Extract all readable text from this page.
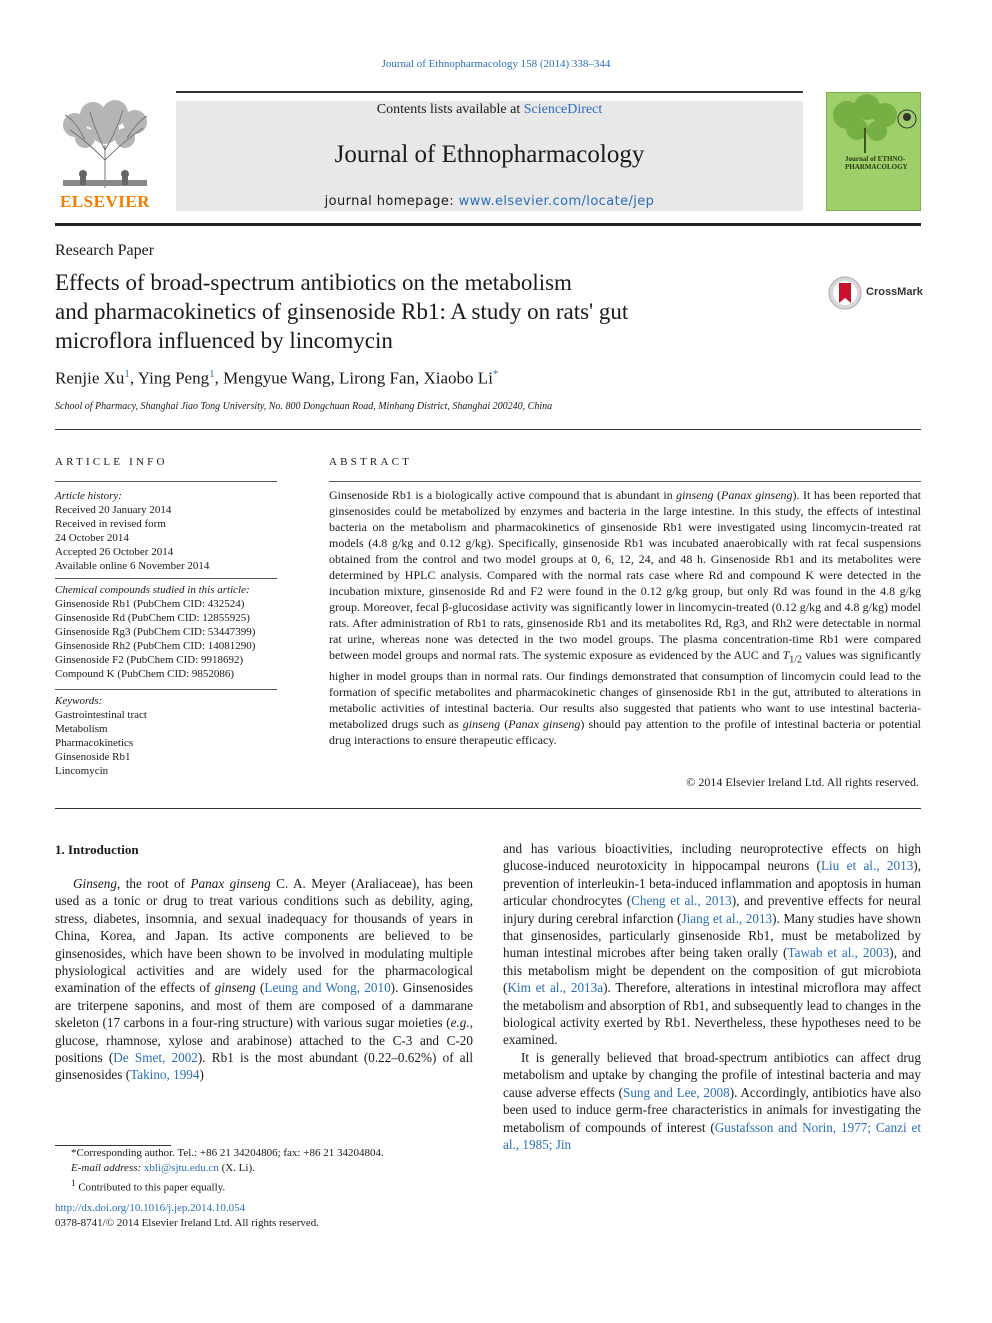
Journal of Ethnopharmacology 158 (2014) 338–344
ELSEVIER
Contents lists available at ScienceDirect
Journal of Ethnopharmacology
journal homepage: www.elsevier.com/locate/jep
Journal of ETHNO-PHARMACOLOGY
Research Paper
Effects of broad-spectrum antibiotics on the metabolism
and pharmacokinetics of ginsenoside Rb1: A study on rats' gut
microflora influenced by lincomycin
CrossMark
Renjie Xu$^1$, Ying Peng$^1$, Mengyue Wang, Lirong Fan, Xiaobo Li*
School of Pharmacy, Shanghai Jiao Tong University, No. 800 Dongchuan Road, Minhang District, Shanghai 200240, China
ARTICLE INFO	ABSTRACT
Article history:
Received 20 January 2014
Received in revised form
24 October 2014
Accepted 26 October 2014
Available online 6 November 2014
Chemical compounds studied in this article:
Ginsenoside Rb1 (PubChem CID: 432524)
Ginsenoside Rd (PubChem CID: 12855925)
Ginsenoside Rg3 (PubChem CID: 53447399)
Ginsenoside Rh2 (PubChem CID: 14081290)
Ginsenoside F2 (PubChem CID: 9918692)
Compound K (PubChem CID: 9852086)
Keywords:
Gastrointestinal tract
Metabolism
Pharmacokinetics
Ginsenoside Rb1
Lincomycin
Ginsenoside Rb1 is a biologically active compound that is abundant in ginseng (Panax ginseng). It has been reported that ginsenosides could be metabolized by enzymes and bacteria in the large intestine. In this study, the effects of intestinal bacteria on the metabolism and pharmacokinetics of ginsenoside Rb1 were investigated using lincomycin-treated rat models (4.8 g/kg and 0.12 g/kg). Specifically, ginsenoside Rb1 was incubated anaerobically with rat fecal suspensions obtained from the control and two model groups at 0, 6, 12, 24, and 48 h. Ginsenoside Rb1 and its metabolites were determined by HPLC analysis. Compared with the normal rats case where Rd and compound K were detected in the incubation mixture, ginsenoside Rd and F2 were found in the 0.12 g/kg group, but only Rd was found in the 4.8 g/kg group. Moreover, fecal β-glucosidase activity was significantly lower in lincomycin-treated (0.12 g/kg and 4.8 g/kg) model rats. After administration of Rb1 to rats, ginsenoside Rb1 and its metabolites Rd, Rg3, and Rh2 were detectable in normal rat urine, whereas none was detected in the two model groups. The plasma concentration-time Rb1 were compared between model groups and normal rats. The systemic exposure as evidenced by the AUC and $T_{1/2}$ values was significantly higher in model groups than in normal rats. Our findings demonstrated that consumption of lincomycin could lead to the formation of specific metabolites and pharmacokinetic changes of ginsenoside Rb1 in the gut, attributed to alterations in metabolic activities of intestinal bacteria. Our results also suggested that patients who want to use intestinal bacteria-metabolized drugs such as ginseng (Panax ginseng) should pay attention to the profile of intestinal bacteria or potential drug interactions to ensure therapeutic efficacy.
© 2014 Elsevier Ireland Ltd. All rights reserved.
1. Introduction
Ginseng, the root of Panax ginseng C. A. Meyer (Araliaceae), has been used as a tonic or drug to treat various conditions such as debility, aging, stress, diabetes, insomnia, and sexual inadequacy for thousands of years in China, Korea, and Japan. Its active components are believed to be ginsenosides, which have been shown to be involved in modulating multiple physiological activities and are widely used for the pharmacological examination of the effects of ginseng (Leung and Wong, 2010). Ginsenosides are triterpene saponins, and most of them are composed of a dammarane skeleton (17 carbons in a four-ring structure) with various sugar moieties (e.g., glucose, rhamnose, xylose and arabinose) attached to the C-3 and C-20 positions (De Smet, 2002). Rb1 is the most abundant (0.22–0.62%) of all ginsenosides (Takino, 1994)

and has various bioactivities, including neuroprotective effects on high glucose-induced neurotoxicity in hippocampal neurons (Liu et al., 2013), prevention of interleukin-1 beta-induced inflammation and apoptosis in human articular chondrocytes (Cheng et al., 2013), and preventive effects for neural injury during cerebral infarction (Jiang et al., 2013). Many studies have shown that ginsenosides, particularly ginsenoside Rb1, must be metabolized by human intestinal microbes after being taken orally (Tawab et al., 2003), and this metabolism might be dependent on the composition of gut microbiota (Kim et al., 2013a). Therefore, alterations in intestinal microflora may affect the metabolism and absorption of Rb1, and subsequently lead to changes in the biological activity exerted by Rb1. Nevertheless, these hypotheses need to be examined.

It is generally believed that broad-spectrum antibiotics can affect drug metabolism and uptake by changing the profile of intestinal bacteria and may cause adverse effects (Sung and Lee, 2008). Accordingly, antibiotics have also been used to induce germ-free characteristics in animals for investigating the metabolism of compounds of interest (Gustafsson and Norin, 1977; Canzi et al., 1985; Jin

*Corresponding author. Tel.: +86 21 34204806; fax: +86 21 34204804.
E-mail address: xbli@sjtu.edu.cn (X. Li).
$^1$ Contributed to this paper equally.
http://dx.doi.org/10.1016/j.jep.2014.10.054
0378-8741/© 2014 Elsevier Ireland Ltd. All rights reserved.
